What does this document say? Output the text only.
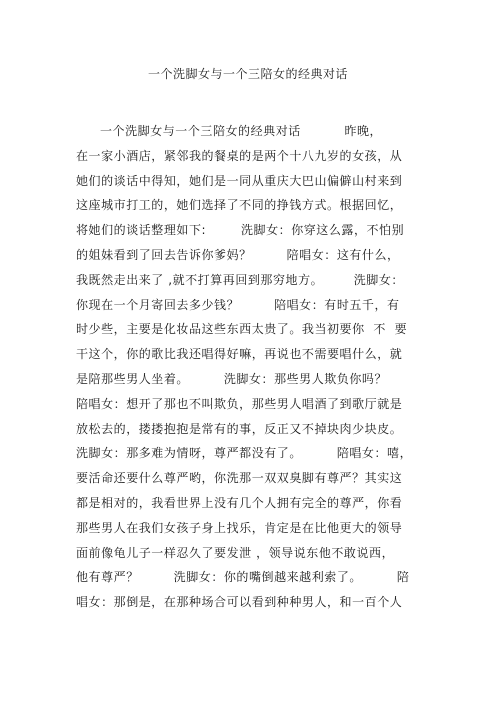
一个洗脚女与一个三陪女的经典对话
一个洗脚女与一个三陪女的经典对话          昨晚，
在一家小酒店，紧邻我的餐桌的是两个十八九岁的女孩，从
她们的谈话中得知，她们是一同从重庆大巴山偏僻山村来到
这座城市打工的，她们选择了不同的挣钱方式。根据回忆，
将她们的谈话整理如下:        洗脚女：你穿这么露，不怕别
的姐妹看到了回去告诉你爹妈？        陪唱女：这有什么，
我既然走出来了 ,就不打算再回到那穷地方。       洗脚女：
你现在一个月寄回去多少钱？        陪唱女：有时五千，有
时少些，主要是化妆品这些东西太贵了。我当初要你  不  要
干这个，你的歌比我还唱得好嘛，再说也不需要唱什么，就
是陪那些男人坐着。        洗脚女：那些男人欺负你吗？
陪唱女：想开了那也不叫欺负，那些男人唱酒了到歌厅就是
放松去的，搂搂抱抱是常有的事，反正又不掉块肉少块皮。
洗脚女：那多难为情呀，尊严都没有了。        陪唱女：嘻，
要活命还要什么尊严哟，你洗那一双双臭脚有尊严？其实这
都是相对的，我看世界上没有几个人拥有完全的尊严，你看
那些男人在我们女孩子身上找乐，肯定是在比他更大的领导
面前像龟儿子一样忍久了要发泄 ，领导说东他不敢说西，
他有尊严？        洗脚女：你的嘴倒越来越利索了。        陪
唱女：那倒是，在那种场合可以看到种种男人，和一百个人
